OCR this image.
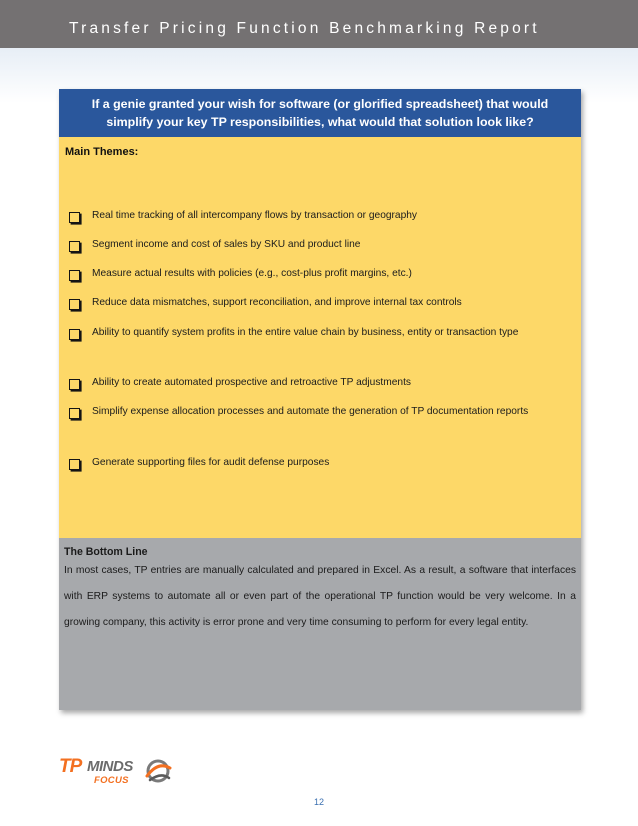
Transfer Pricing Function Benchmarking Report
If a genie granted your wish for software (or glorified spreadsheet) that would
simplify your key TP responsibilities, what would that solution look like?
Main Themes:
Real time tracking of all intercompany flows by transaction or geography
Segment income and cost of sales by SKU and product line
Measure actual results with policies (e.g., cost-plus profit margins, etc.)
Reduce data mismatches, support reconciliation, and improve internal tax controls
Ability to quantify system profits in the entire value chain by business, entity or transaction type
Ability to create automated prospective and retroactive TP adjustments
Simplify expense allocation processes and automate the generation of TP documentation reports
Generate supporting files for audit defense purposes
The Bottom Line
In most cases, TP entries are manually calculated and prepared in Excel. As a result, a software that interfaces with ERP systems to automate all or even part of the operational TP function would be very welcome. In a growing company, this activity is error prone and very time consuming to perform for every legal entity.
TP MINDS
FOCUS
12
